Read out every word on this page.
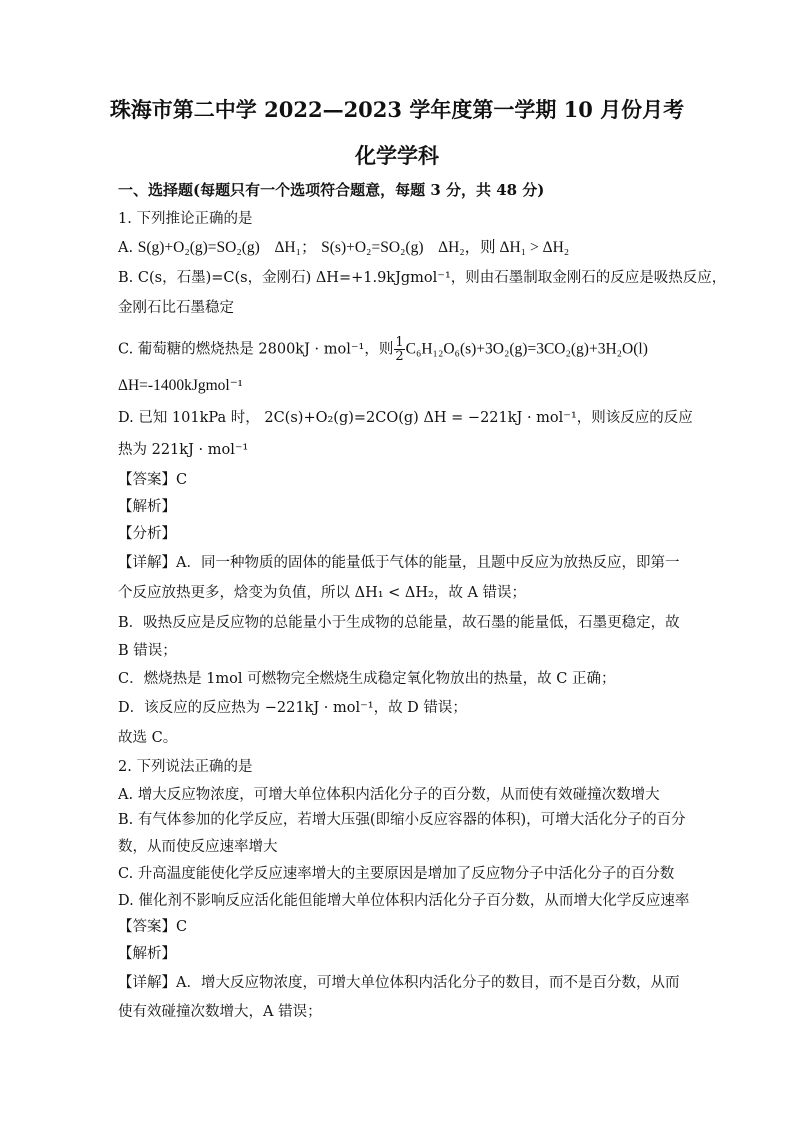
珠海市第二中学 2022—2023 学年度第一学期 10 月份月考
化学学科
一、选择题(每题只有一个选项符合题意，每题 3 分，共 48 分)
1. 下列推论正确的是
A. S(g)+O₂(g)=SO₂(g) ΔH₁； S(s)+O₂=SO₂(g) ΔH₂，则 ΔH₁ > ΔH₂
B. C(s，石墨)=C(s，金刚石) ΔH=+1.9kJgmol⁻¹，则由石墨制取金刚石的反应是吸热反应，
金刚石比石墨稳定
C. 葡萄糖的燃烧热是 2800kJ · mol⁻¹，则 $\frac{1}{2} C_6H_{12}O_6(s)+3O_2(g)=3CO_2(g)+3H_2O(l)$
ΔH=-1400kJgmol⁻¹
D. 已知 101kPa 时， 2C(s)+O₂(g)=2CO(g) ΔH = −221kJ · mol⁻¹，则该反应的反应
热为 221kJ · mol⁻¹
【答案】C
【解析】
【分析】
【详解】A．同一种物质的固体的能量低于气体的能量，且题中反应为放热反应，即第一
个反应放热更多，焓变为负值，所以 ΔH₁ < ΔH₂，故 A 错误；
B．吸热反应是反应物的总能量小于生成物的总能量，故石墨的能量低，石墨更稳定，故
B 错误；
C．燃烧热是 1mol 可燃物完全燃烧生成稳定氧化物放出的热量，故 C 正确；
D．该反应的反应热为 −221kJ · mol⁻¹，故 D 错误；
故选 C。
2. 下列说法正确的是
A. 增大反应物浓度，可增大单位体积内活化分子的百分数，从而使有效碰撞次数增大
B. 有气体参加的化学反应，若增大压强(即缩小反应容器的体积)，可增大活化分子的百分
数，从而使反应速率增大
C. 升高温度能使化学反应速率增大的主要原因是增加了反应物分子中活化分子的百分数
D. 催化剂不影响反应活化能但能增大单位体积内活化分子百分数，从而增大化学反应速率
【答案】C
【解析】
【详解】A．增大反应物浓度，可增大单位体积内活化分子的数目，而不是百分数，从而
使有效碰撞次数增大，A 错误；
